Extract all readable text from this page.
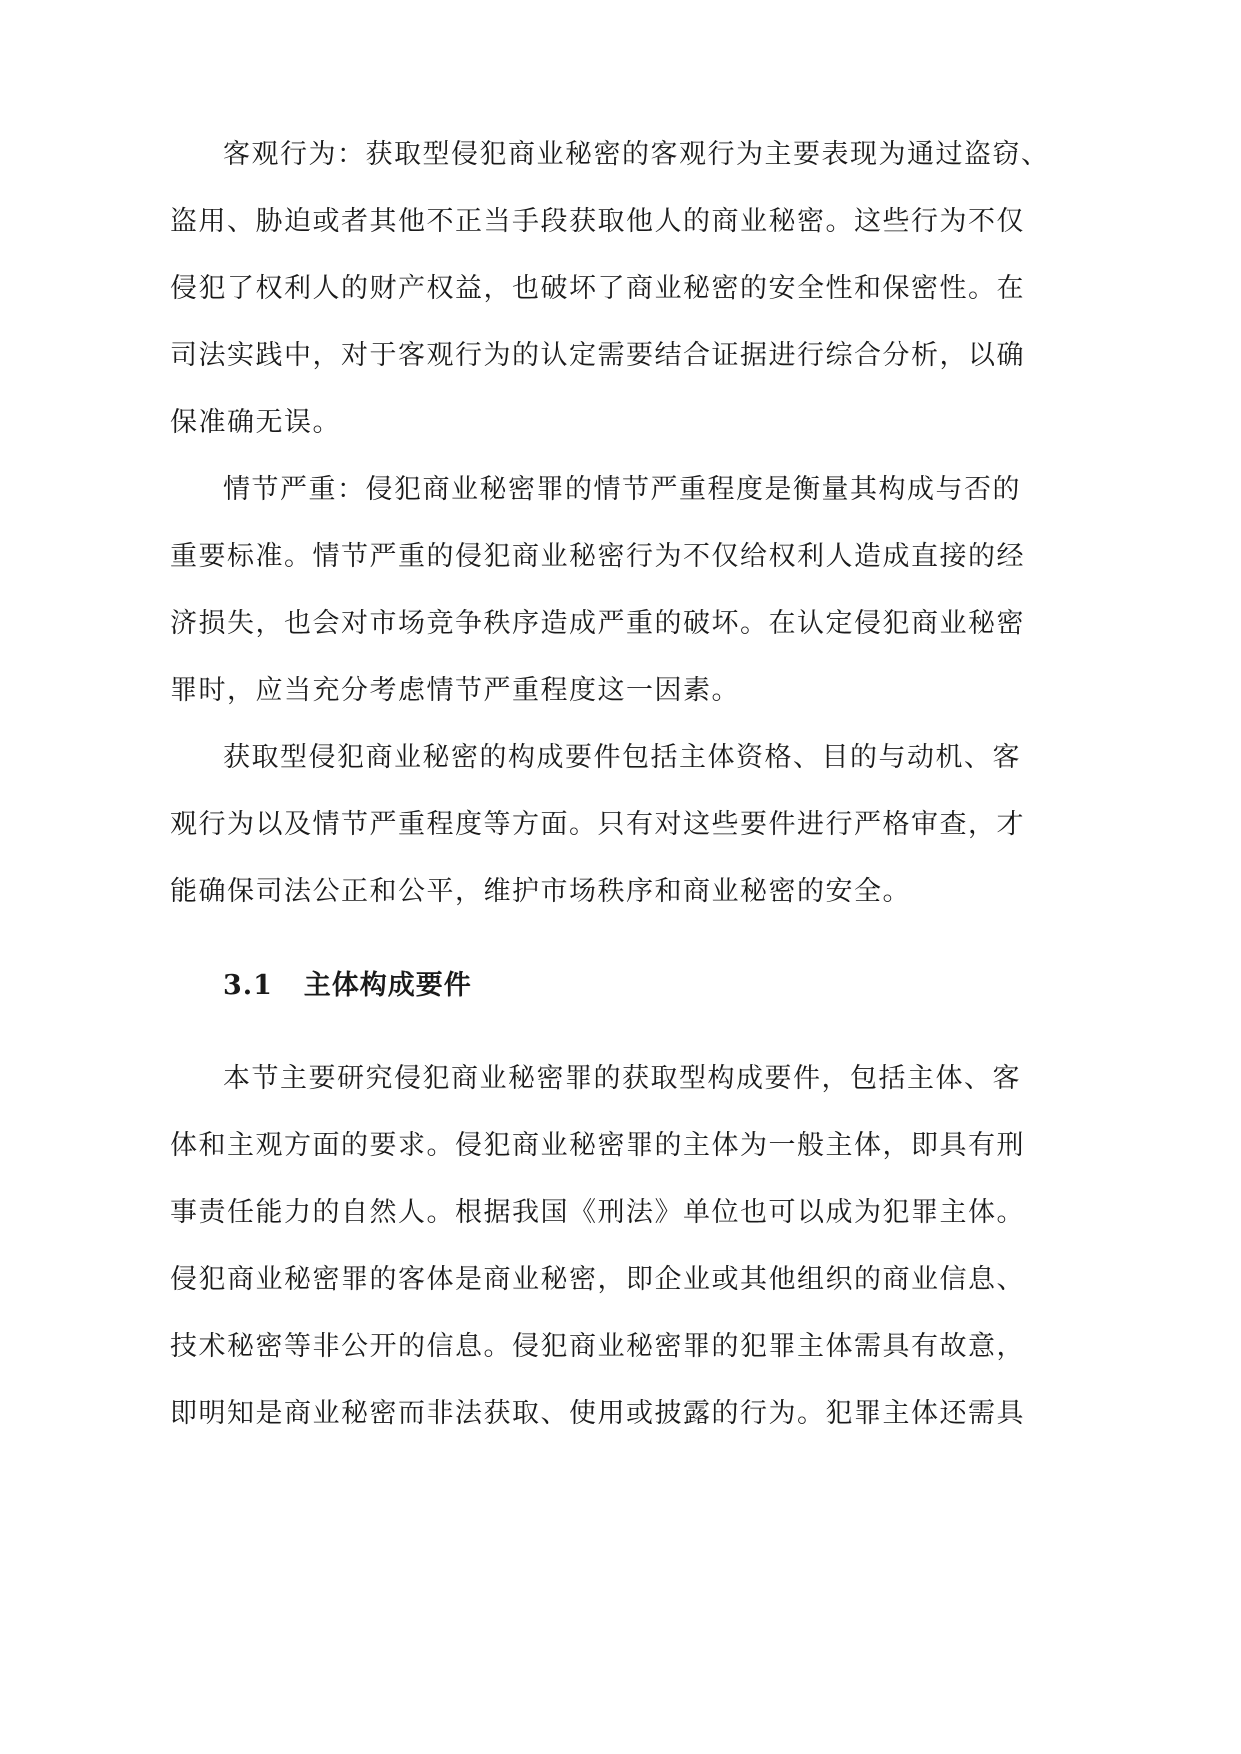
客观行为：获取型侵犯商业秘密的客观行为主要表现为通过盗窃、
盗用、胁迫或者其他不正当手段获取他人的商业秘密。这些行为不仅
侵犯了权利人的财产权益，也破坏了商业秘密的安全性和保密性。在
司法实践中，对于客观行为的认定需要结合证据进行综合分析，以确
保准确无误。
情节严重：侵犯商业秘密罪的情节严重程度是衡量其构成与否的
重要标准。情节严重的侵犯商业秘密行为不仅给权利人造成直接的经
济损失，也会对市场竞争秩序造成严重的破坏。在认定侵犯商业秘密
罪时，应当充分考虑情节严重程度这一因素。
获取型侵犯商业秘密的构成要件包括主体资格、目的与动机、客
观行为以及情节严重程度等方面。只有对这些要件进行严格审查，才
能确保司法公正和公平，维护市场秩序和商业秘密的安全。
3.1 主体构成要件
本节主要研究侵犯商业秘密罪的获取型构成要件，包括主体、客
体和主观方面的要求。侵犯商业秘密罪的主体为一般主体，即具有刑
事责任能力的自然人。根据我国《刑法》单位也可以成为犯罪主体。
侵犯商业秘密罪的客体是商业秘密，即企业或其他组织的商业信息、
技术秘密等非公开的信息。侵犯商业秘密罪的犯罪主体需具有故意，
即明知是商业秘密而非法获取、使用或披露的行为。犯罪主体还需具
